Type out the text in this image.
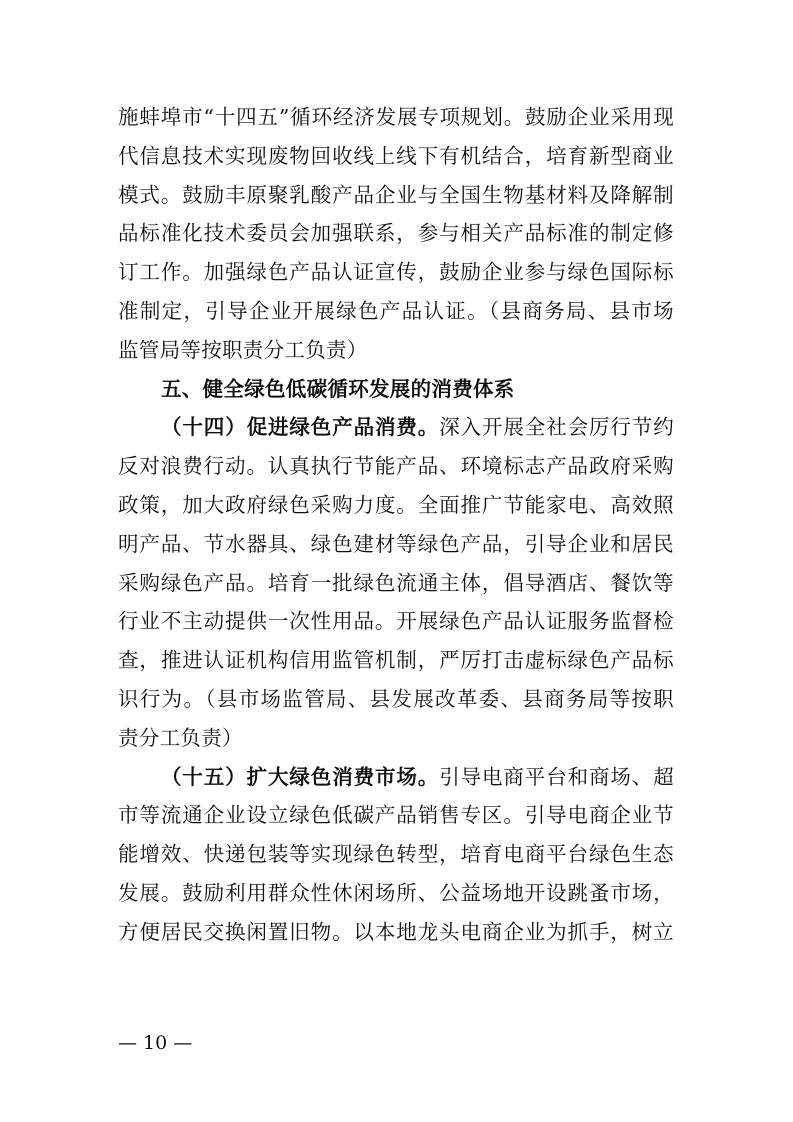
施蚌埠市“十四五”循环经济发展专项规划。鼓励企业采用现
代信息技术实现废物回收线上线下有机结合，培育新型商业
模式。鼓励丰原聚乳酸产品企业与全国生物基材料及降解制
品标准化技术委员会加强联系，参与相关产品标准的制定修
订工作。加强绿色产品认证宣传，鼓励企业参与绿色国际标
准制定，引导企业开展绿色产品认证。（县商务局、县市场
监管局等按职责分工负责）
五、健全绿色低碳循环发展的消费体系
（十四）促进绿色产品消费。深入开展全社会厉行节约
反对浪费行动。认真执行节能产品、环境标志产品政府采购
政策，加大政府绿色采购力度。全面推广节能家电、高效照
明产品、节水器具、绿色建材等绿色产品，引导企业和居民
采购绿色产品。培育一批绿色流通主体，倡导酒店、餐饮等
行业不主动提供一次性用品。开展绿色产品认证服务监督检
查，推进认证机构信用监管机制，严厉打击虚标绿色产品标
识行为。（县市场监管局、县发展改革委、县商务局等按职
责分工负责）
（十五）扩大绿色消费市场。引导电商平台和商场、超
市等流通企业设立绿色低碳产品销售专区。引导电商企业节
能增效、快递包装等实现绿色转型，培育电商平台绿色生态
发展。鼓励利用群众性休闲场所、公益场地开设跳蚤市场，
方便居民交换闲置旧物。以本地龙头电商企业为抓手，树立
— 10 —
